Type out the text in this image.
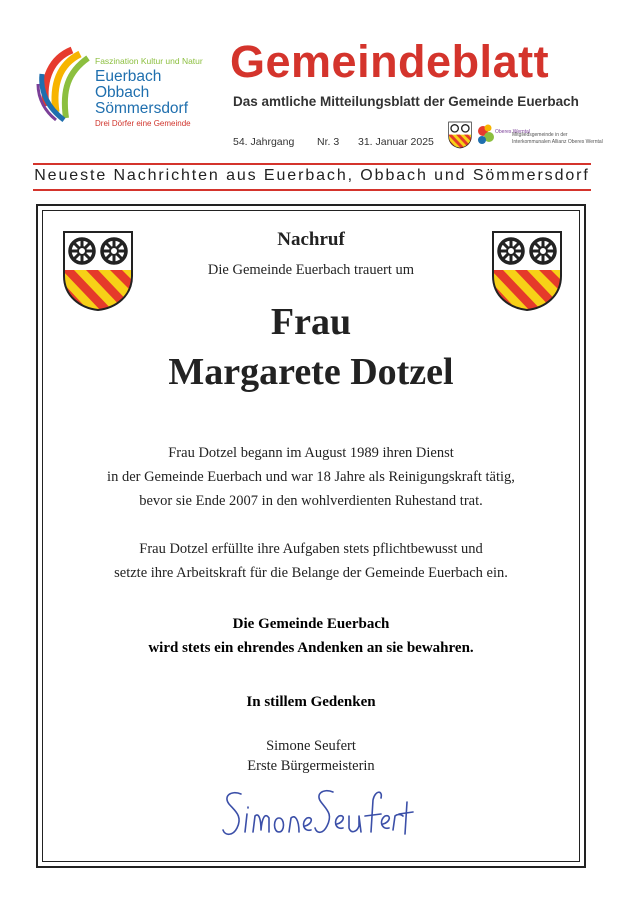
Faszination Kultur und Natur
Euerbach
Obbach
Sömmersdorf
Drei Dörfer eine Gemeinde
Gemeindeblatt
Das amtliche Mitteilungsblatt der Gemeinde Euerbach
54. Jahrgang Nr. 3 31. Januar 2025
Oberes Werntal
Mitgliedsgemeinde in der
Interkommunalen Allianz Oberes Werntal
Neueste Nachrichten aus Euerbach, Obbach und Sömmersdorf
Nachruf
Die Gemeinde Euerbach trauert um
Frau
Margarete Dotzel
Frau Dotzel begann im August 1989 ihren Dienst
in der Gemeinde Euerbach und war 18 Jahre als Reinigungskraft tätig,
bevor sie Ende 2007 in den wohlverdienten Ruhestand trat.
Frau Dotzel erfüllte ihre Aufgaben stets pflichtbewusst und
setzte ihre Arbeitskraft für die Belange der Gemeinde Euerbach ein.
Die Gemeinde Euerbach
wird stets ein ehrendes Andenken an sie bewahren.
In stillem Gedenken
Simone Seufert
Erste Bürgermeisterin
